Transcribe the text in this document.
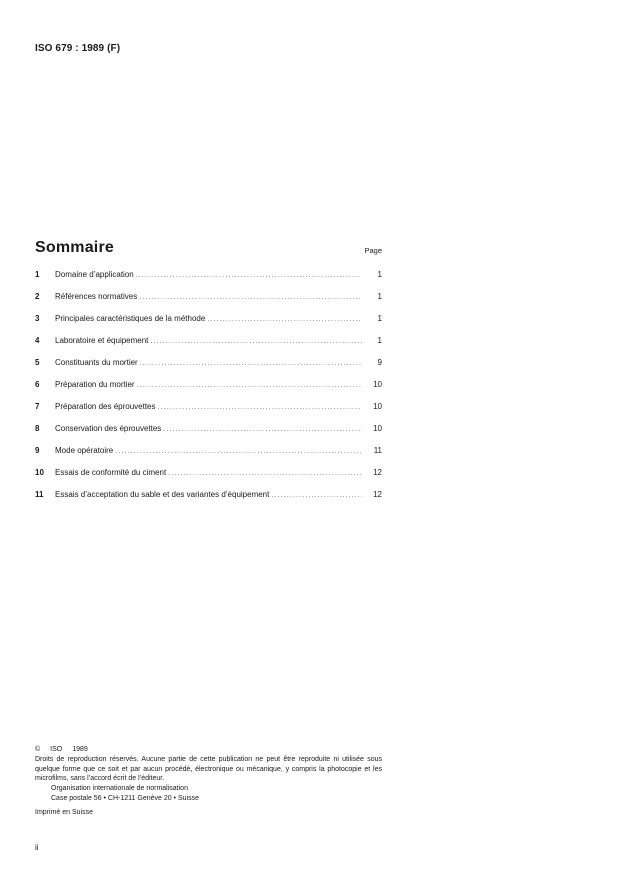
ISO 679 : 1989 (F)
Sommaire	Page
1	Domaine d’application . . .	1
2	Références normatives . . .	1
3	Principales caractéristiques de la méthode . . .	1
4	Laboratoire et équipement . . .	1
5	Constituants du mortier . . .	9
6	Préparation du mortier . . .	10
7	Préparation des éprouvettes . . .	10
8	Conservation des éprouvettes . . .	10
9	Mode opératoire . . .	11
10	Essais de conformité du ciment . . .	12
11	Essais d’acceptation du sable et des variantes d’équipement . . .	12
© ISO 1989
Droits de reproduction réservés. Aucune partie de cette publication ne peut être reproduite ni utilisée sous quelque forme que ce soit et par aucun procédé, électronique ou mécanique, y compris la photocopie et les microfilms, sans l’accord écrit de l’éditeur.
Organisation internationale de normalisation
Case postale 56 • CH-1211 Genève 20 • Suisse
Imprimé en Suisse
ii
